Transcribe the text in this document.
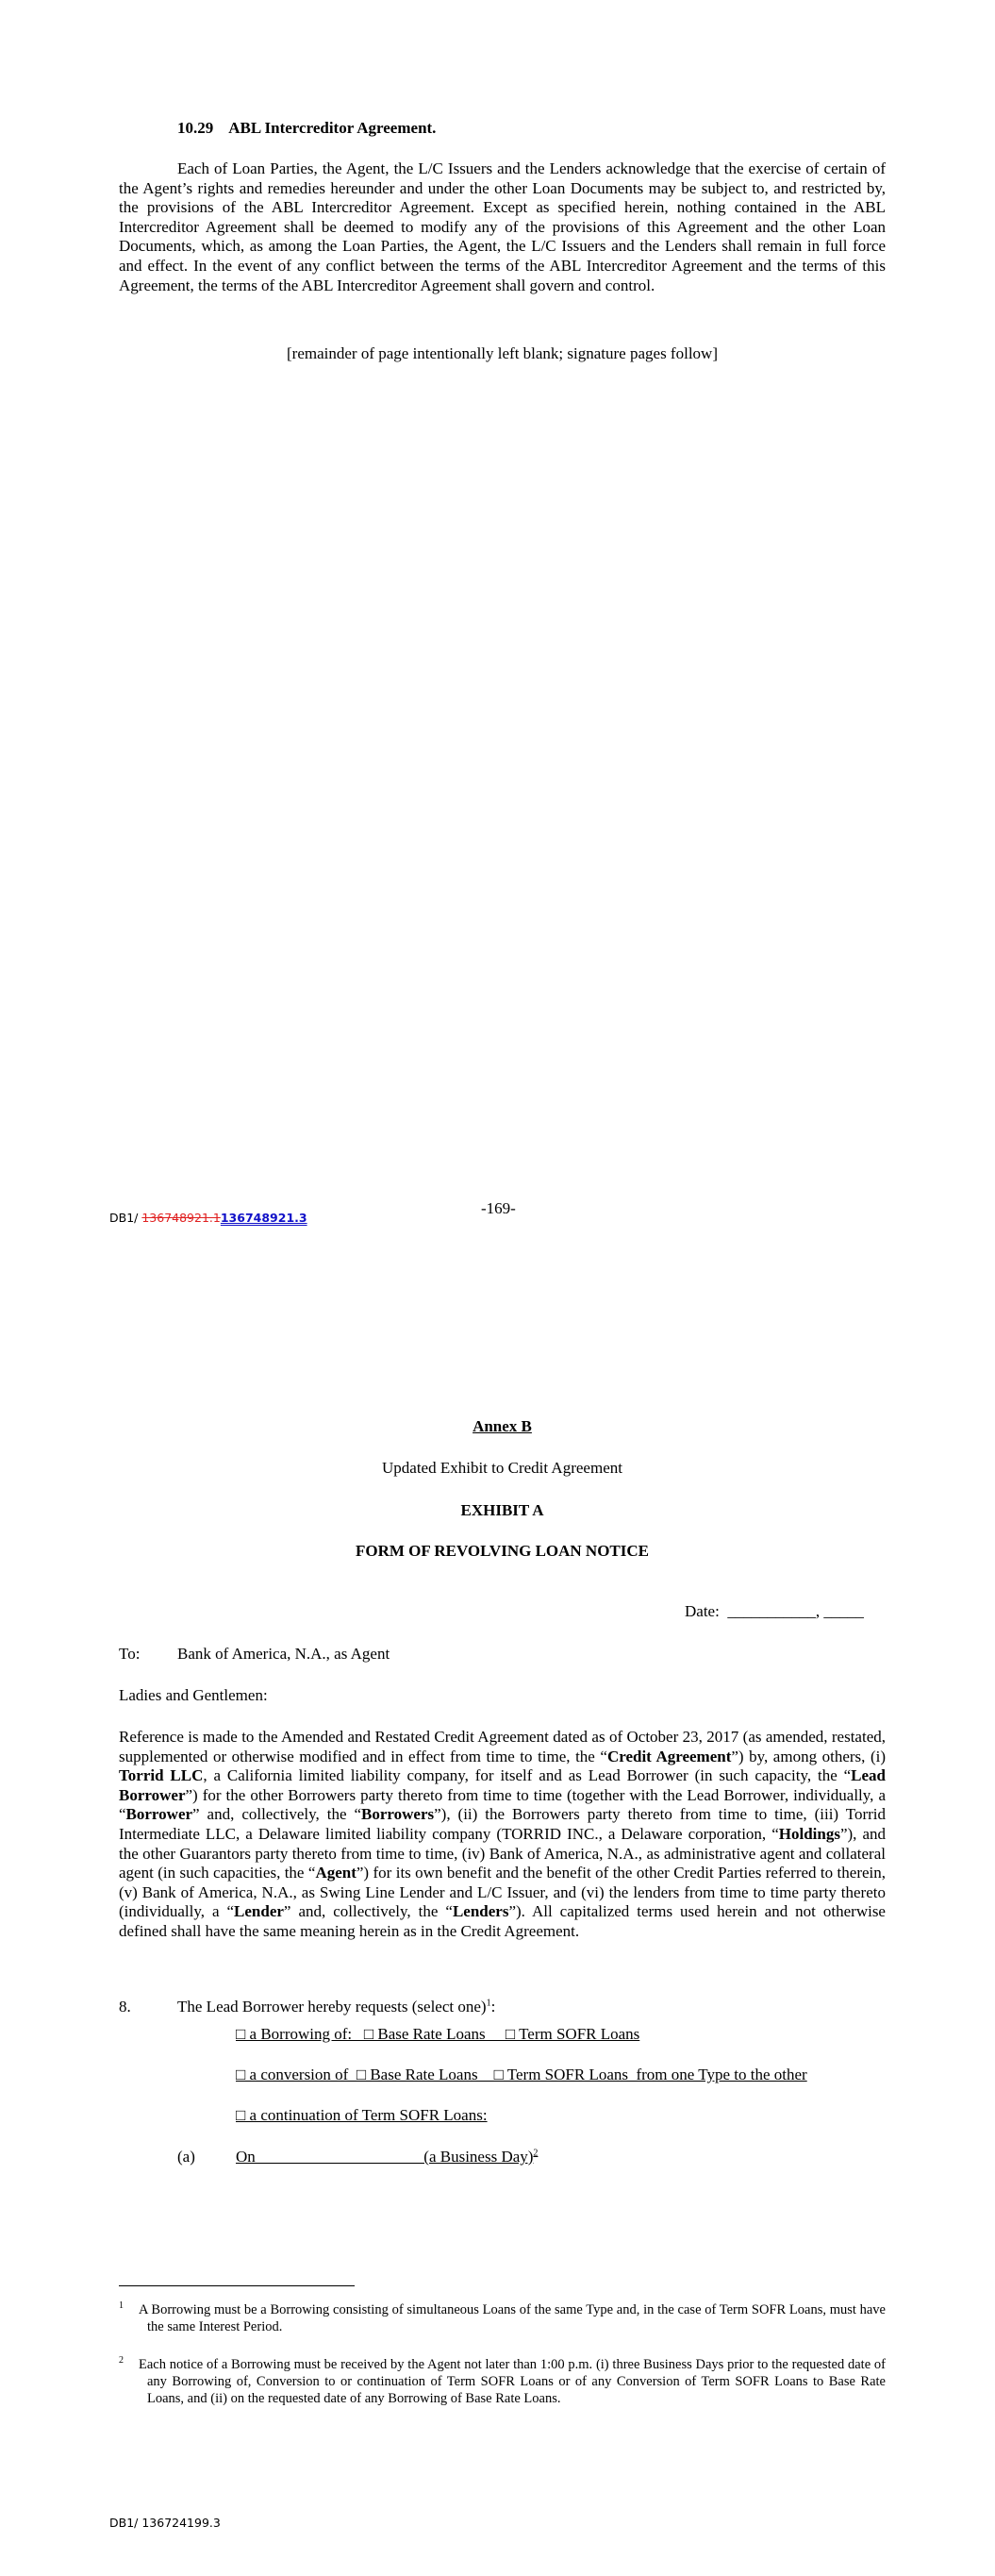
10.29 ABL Intercreditor Agreement.
Each of Loan Parties, the Agent, the L/C Issuers and the Lenders acknowledge that the exercise of certain of the Agent’s rights and remedies hereunder and under the other Loan Documents may be subject to, and restricted by, the provisions of the ABL Intercreditor Agreement. Except as specified herein, nothing contained in the ABL Intercreditor Agreement shall be deemed to modify any of the provisions of this Agreement and the other Loan Documents, which, as among the Loan Parties, the Agent, the L/C Issuers and the Lenders shall remain in full force and effect. In the event of any conflict between the terms of the ABL Intercreditor Agreement and the terms of this Agreement, the terms of the ABL Intercreditor Agreement shall govern and control.
[remainder of page intentionally left blank; signature pages follow]
DB1/ 136748921.1136748921.3
-169-
Annex B
Updated Exhibit to Credit Agreement
EXHIBIT A
FORM OF REVOLVING LOAN NOTICE
Date: ___________, _____
To: Bank of America, N.A., as Agent
Ladies and Gentlemen:
Reference is made to the Amended and Restated Credit Agreement dated as of October 23, 2017 (as amended, restated, supplemented or otherwise modified and in effect from time to time, the “Credit Agreement”) by, among others, (i) Torrid LLC, a California limited liability company, for itself and as Lead Borrower (in such capacity, the “Lead Borrower”) for the other Borrowers party thereto from time to time (together with the Lead Borrower, individually, a “Borrower” and, collectively, the “Borrowers”), (ii) the Borrowers party thereto from time to time, (iii) Torrid Intermediate LLC, a Delaware limited liability company (TORRID INC., a Delaware corporation, “Holdings”), and the other Guarantors party thereto from time to time, (iv) Bank of America, N.A., as administrative agent and collateral agent (in such capacities, the “Agent”) for its own benefit and the benefit of the other Credit Parties referred to therein, (v) Bank of America, N.A., as Swing Line Lender and L/C Issuer, and (vi) the lenders from time to time party thereto (individually, a “Lender” and, collectively, the “Lenders”). All capitalized terms used herein and not otherwise defined shall have the same meaning herein as in the Credit Agreement.
8.	The Lead Borrower hereby requests (select one)$^1$:
□ a Borrowing of:   □ Base Rate Loans     □ Term SOFR Loans
□ a conversion of  □ Base Rate Loans    □ Term SOFR Loans  from one Type to the other
□ a continuation of Term SOFR Loans:
(a)	On ____________________ (a Business Day)$^2$
$^1$ A Borrowing must be a Borrowing consisting of simultaneous Loans of the same Type and, in the case of Term SOFR Loans, must have the same Interest Period.
$^2$ Each notice of a Borrowing must be received by the Agent not later than 1:00 p.m. (i) three Business Days prior to the requested date of any Borrowing of, Conversion to or continuation of Term SOFR Loans or of any Conversion of Term SOFR Loans to Base Rate Loans, and (ii) on the requested date of any Borrowing of Base Rate Loans.
DB1/ 136724199.3
